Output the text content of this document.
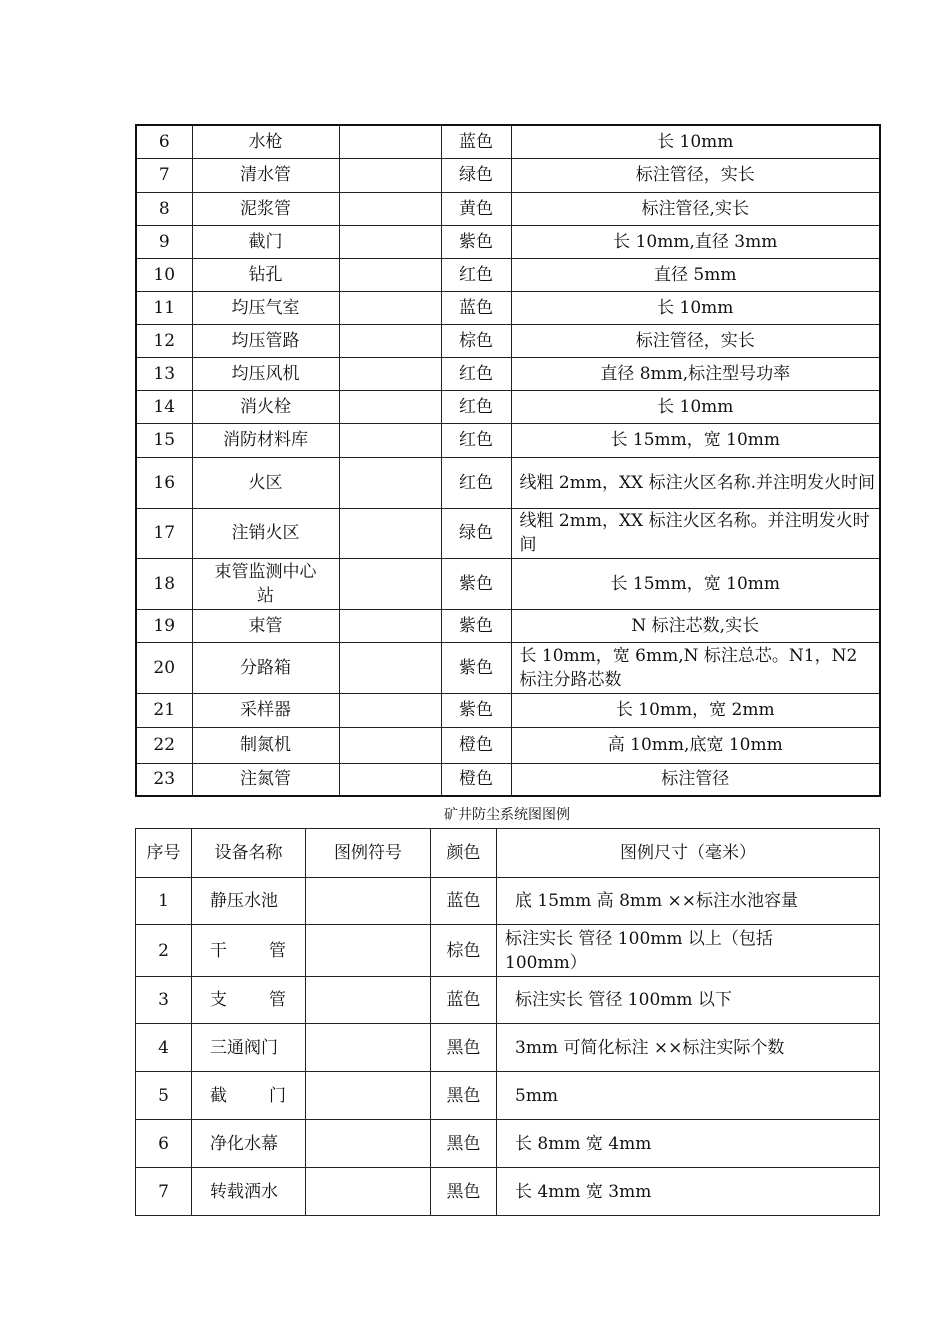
6	水枪		蓝色	长 10mm
7	清水管		绿色	标注管径，实长
8	泥浆管		黄色	标注管径,实长
9	截门		紫色	长 10mm,直径 3mm
10	钻孔		红色	直径 5mm
11	均压气室		蓝色	长 10mm
12	均压管路		棕色	标注管径，实长
13	均压风机		红色	直径 8mm,标注型号功率
14	消火栓		红色	长 10mm
15	消防材料库		红色	长 15mm，宽 10mm
16	火区		红色	线粗 2mm，XX 标注火区名称.并注明发火时间
17	注销火区		绿色	线粗 2mm，XX 标注火区名称。并注明发火时间
18	束管监测中心站		紫色	长 15mm，宽 10mm
19	束管		紫色	N 标注芯数,实长
20	分路箱		紫色	长 10mm，宽 6mm,N 标注总芯。N1，N2 标注分路芯数
21	采样器		紫色	长 10mm，宽 2mm
22	制氮机		橙色	高 10mm,底宽 10mm
23	注氮管		橙色	标注管径
矿井防尘系统图图例
序号	设备名称	图例符号	颜色	图例尺寸（毫米）
1	静压水池		蓝色	底 15mm 高 8mm ××标注水池容量
2	干 管		棕色	标注实长 管径 100mm 以上（包括100mm）
3	支 管		蓝色	标注实长 管径 100mm 以下
4	三通阀门		黑色	3mm 可简化标注 ××标注实际个数
5	截 门		黑色	5mm
6	净化水幕		黑色	长 8mm 宽 4mm
7	转载洒水		黑色	长 4mm 宽 3mm
